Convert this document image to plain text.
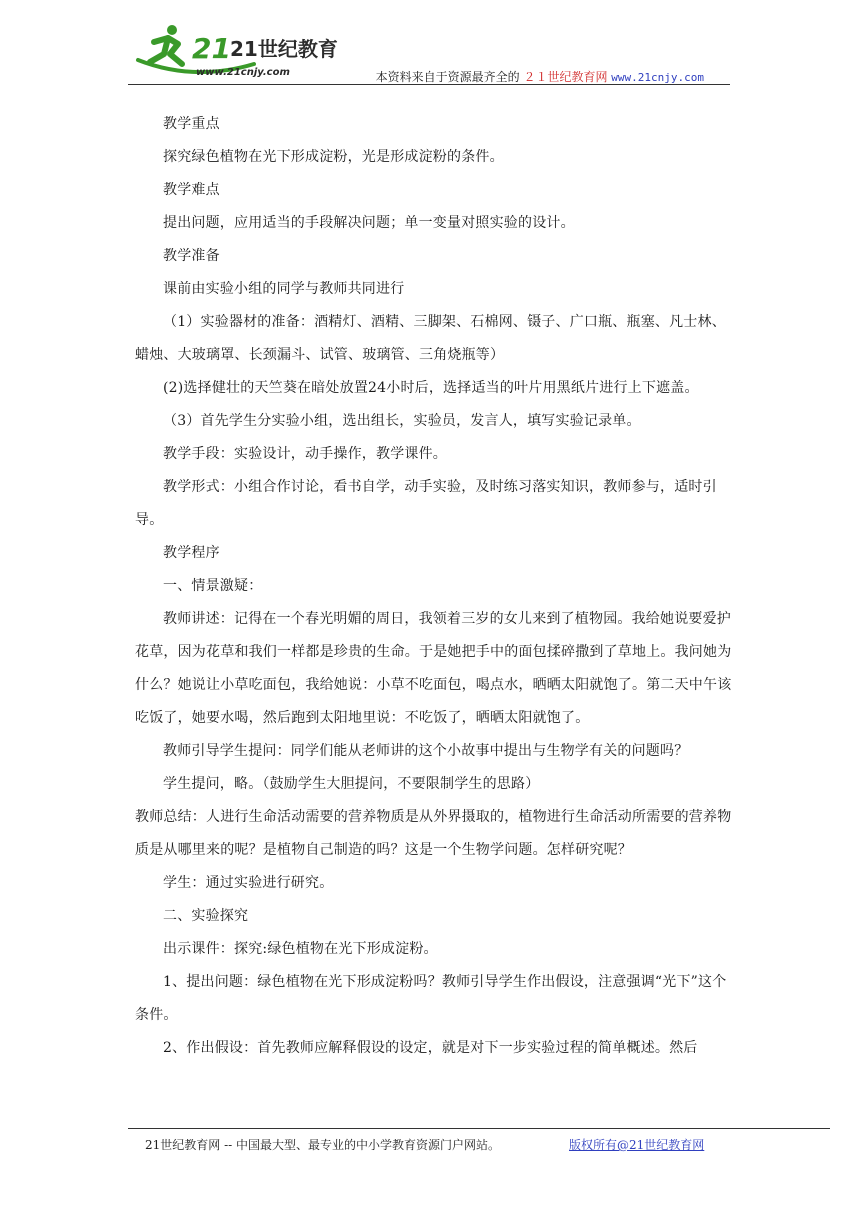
21 21世纪教育
www.21cnjy.com	本资料来自于资源最齐全的 ２１世纪教育网 www.21cnjy.com

教学重点

探究绿色植物在光下形成淀粉，光是形成淀粉的条件。

教学难点

提出问题，应用适当的手段解决问题；单一变量对照实验的设计。

教学准备

课前由实验小组的同学与教师共同进行

（1）实验器材的准备：酒精灯、酒精、三脚架、石棉网、镊子、广口瓶、瓶塞、凡士林、蜡烛、大玻璃罩、长颈漏斗、试管、玻璃管、三角烧瓶等）

(2)选择健壮的天竺葵在暗处放置24小时后，选择适当的叶片用黑纸片进行上下遮盖。

（3）首先学生分实验小组，选出组长，实验员，发言人，填写实验记录单。

教学手段：实验设计，动手操作，教学课件。

教学形式：小组合作讨论，看书自学，动手实验，及时练习落实知识，教师参与，适时引导。

教学程序

一、情景激疑：

教师讲述：记得在一个春光明媚的周日，我领着三岁的女儿来到了植物园。我给她说要爱护花草，因为花草和我们一样都是珍贵的生命。于是她把手中的面包揉碎撒到了草地上。我问她为什么？她说让小草吃面包，我给她说：小草不吃面包，喝点水，晒晒太阳就饱了。第二天中午该吃饭了，她要水喝，然后跑到太阳地里说：不吃饭了，晒晒太阳就饱了。

教师引导学生提问：同学们能从老师讲的这个小故事中提出与生物学有关的问题吗？

学生提问，略。（鼓励学生大胆提问，不要限制学生的思路）

教师总结：人进行生命活动需要的营养物质是从外界摄取的，植物进行生命活动所需要的营养物质是从哪里来的呢？是植物自己制造的吗？这是一个生物学问题。怎样研究呢？

学生：通过实验进行研究。

二、实验探究

出示课件：探究:绿色植物在光下形成淀粉。

1、提出问题：绿色植物在光下形成淀粉吗？教师引导学生作出假设，注意强调“光下”这个条件。

2、作出假设：首先教师应解释假设的设定，就是对下一步实验过程的简单概述。然后

21世纪教育网 -- 中国最大型、最专业的中小学教育资源门户网站。	版权所有@21世纪教育网
